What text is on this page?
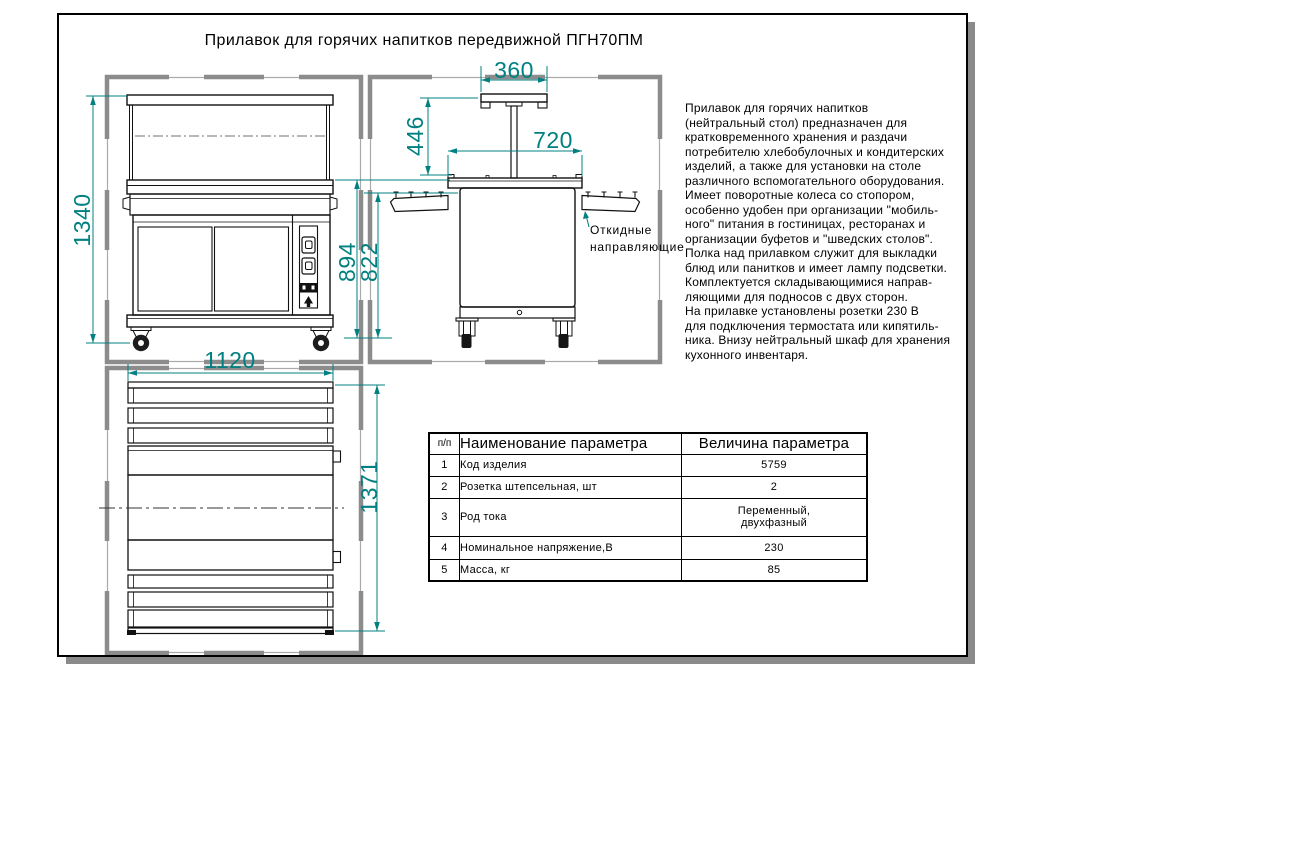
1340
894
822
1120
360
446	720
1371
Откидные
направляющие
Прилавок для горячих напитков передвижной ПГН70ПМ
Прилавок для горячих напитков
(нейтральный стол) предназначен для
кратковременного хранения и раздачи
потребителю хлебобулочных и кондитерских
изделий, а также для установки на столе
различного вспомогательного оборудования.
Имеет поворотные колеса со стопором,
особенно удобен при организации "мобиль-
ного" питания в гостиницах, ресторанах и
организации буфетов и "шведских столов".
Полка над прилавком служит для выкладки
блюд или панитков и имеет лампу подсветки.
Комплектуется складывающимися направ-
ляющими для подносов с двух сторон.
На прилавке установлены розетки 230 В
для подключения термостата или кипятиль-
ника. Внизу нейтральный шкаф для хранения
кухонного инвентаря.
п/п	Наименование параметра	Величина параметра
1	Код изделия	5759

2	Розетка штепсельная, шт	2

3	Род тока	Переменный,
двухфазный

4	Номинальное напряжение,В	230

5	Масса, кг	85
